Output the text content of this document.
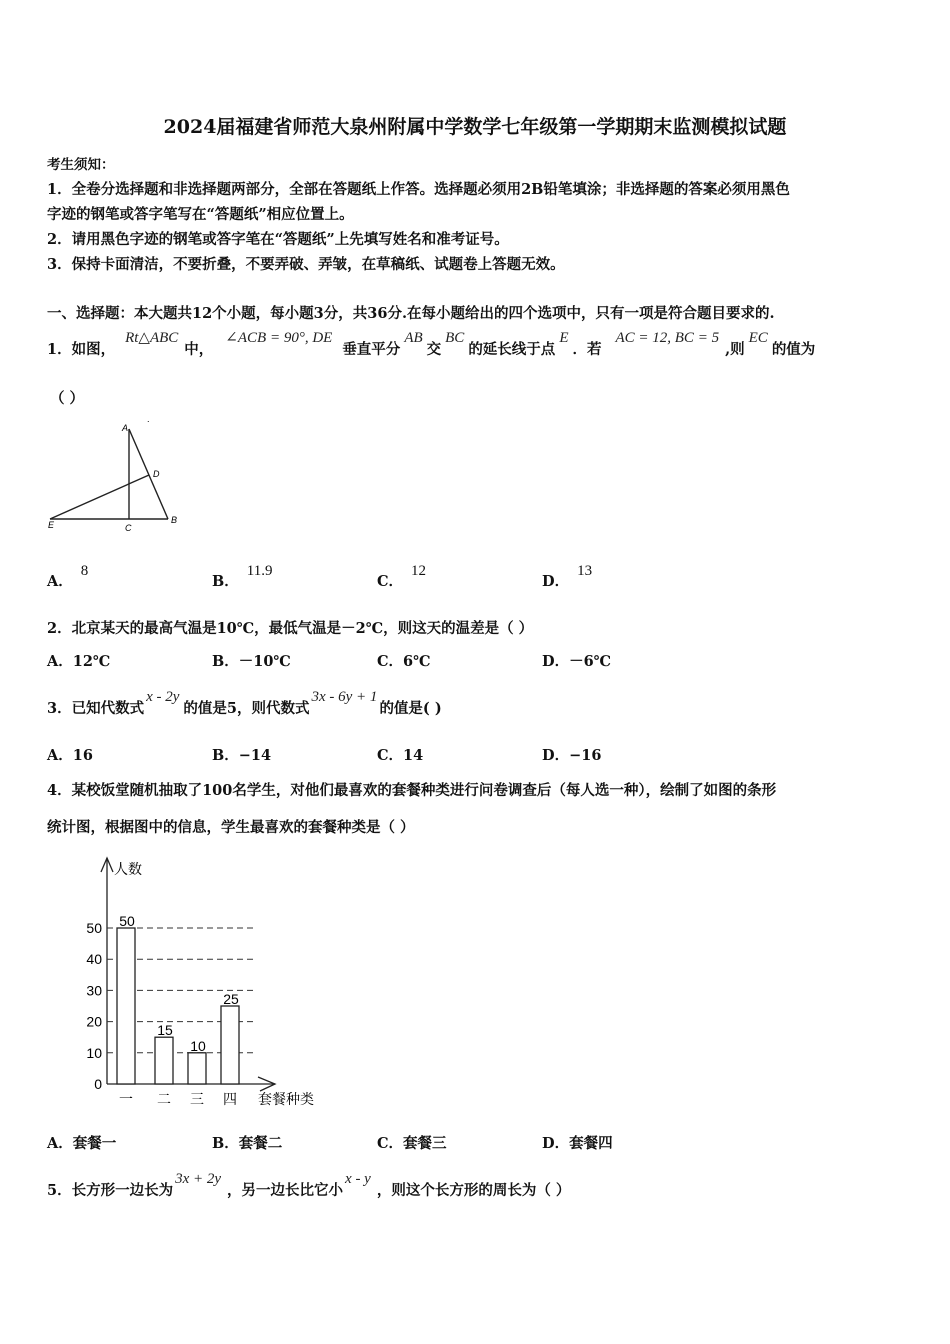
2024届福建省师范大泉州附属中学数学七年级第一学期期末监测模拟试题
考生须知：
1．全卷分选择题和非选择题两部分，全部在答题纸上作答。选择题必须用2B铅笔填涂；非选择题的答案必须用黑色
字迹的钢笔或答字笔写在“答题纸”相应位置上。
2．请用黑色字迹的钢笔或答字笔在“答题纸”上先填写姓名和准考证号。
3．保持卡面清洁，不要折叠，不要弄破、弄皱，在草稿纸、试题卷上答题无效。
一、选择题：本大题共12个小题，每小题3分，共36分.在每小题给出的四个选项中，只有一项是符合题目要求的.
1．如图，Rt△ABC中，∠ACB = 90°, DE垂直平分AB交BC的延长线于点E．若AC = 12, BC = 5,则EC的值为
（ ）
A
.
D
E	C
B
A．8
B．11.9
C．12
D．13
2．北京某天的最高气温是10℃，最低气温是－2℃，则这天的温差是（ ）
A．12℃	B．－10℃	C．6℃	D．－6℃
3．已知代数式x - 2y的值是5，则代数式3x - 6y + 1的值是( )
A．16	B．−14	C．14	D．−16
4．某校饭堂随机抽取了100名学生，对他们最喜欢的套餐种类进行问卷调查后（每人选一种），绘制了如图的条形
统计图，根据图中的信息，学生最喜欢的套餐种类是（ ）
人数
套餐种类
0
10
20
30
40
50 50
15
10
25
一 二 三 四
A．套餐一	B．套餐二	C．套餐三	D．套餐四
5．长方形一边长为3x + 2y，另一边长比它小x - y，则这个长方形的周长为（ ）
